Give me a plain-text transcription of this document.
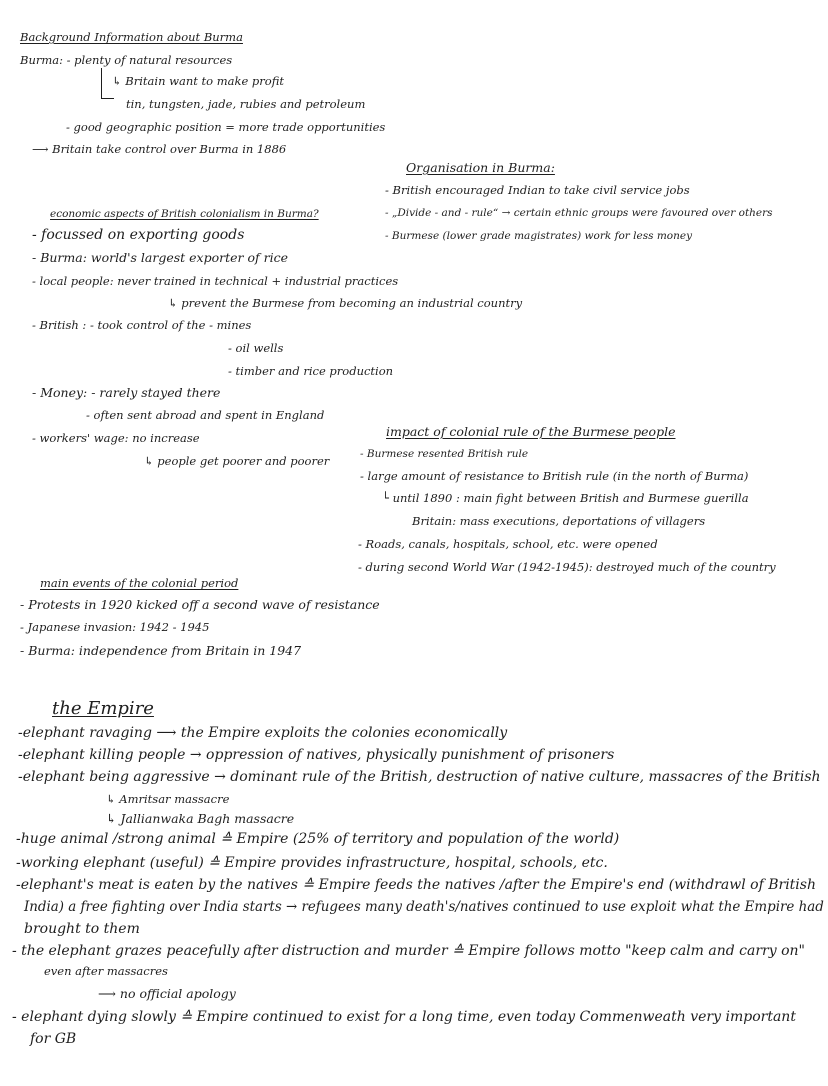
Background Information about Burma
Burma: - plenty of natural resources
↳ Britain want to make profit
tin, tungsten, jade, rubies and petroleum
- good geographic position = more trade opportunities
⟶ Britain take control over Burma in 1886
Organisation in Burma:
- British encouraged Indian to take civil service jobs
- „Divide - and - rule“ → certain ethnic groups were favoured over others
- Burmese (lower grade magistrates) work for less money
economic aspects of British colonialism in Burma?
- focussed on exporting goods
- Burma: world's largest exporter of rice
- local people: never trained in technical + industrial practices
↳ prevent the Burmese from becoming an industrial country
- British : - took control of the - mines
- oil wells
- timber and rice production
- Money: - rarely stayed there
- often sent abroad and spent in England
- workers' wage: no increase
↳ people get poorer and poorer
impact of colonial rule of the Burmese people
- Burmese resented British rule
- large amount of resistance to British rule (in the north of Burma)
└ until 1890 : main fight between British and Burmese guerilla
Britain: mass executions, deportations of villagers
- Roads, canals, hospitals, school, etc. were opened
- during second World War (1942-1945): destroyed much of the country
main events of the colonial period
- Protests in 1920 kicked off a second wave of resistance
- Japanese invasion: 1942 - 1945
- Burma: independence from Britain in 1947
the Empire
-elephant ravaging ⟶ the Empire exploits the colonies economically
-elephant killing people → oppression of natives, physically punishment of prisoners
-elephant being aggressive → dominant rule of the British, destruction of native culture, massacres of the British
↳ Amritsar massacre
↳ Jallianwaka Bagh massacre
-huge animal /strong animal ≙ Empire (25% of territory and population of the world)
-working elephant (useful) ≙ Empire provides infrastructure, hospital, schools, etc.
-elephant's meat is eaten by the natives ≙ Empire feeds the natives /after the Empire's end (withdrawl of British
India) a free fighting over India starts → refugees many death's/natives continued to use exploit what the Empire had
brought to them
- the elephant grazes peacefully after distruction and murder ≙ Empire follows motto "keep calm and carry on"
even after massacres
⟶ no official apology
- elephant dying slowly ≙ Empire continued to exist for a long time, even today Commenweath very important
for GB
